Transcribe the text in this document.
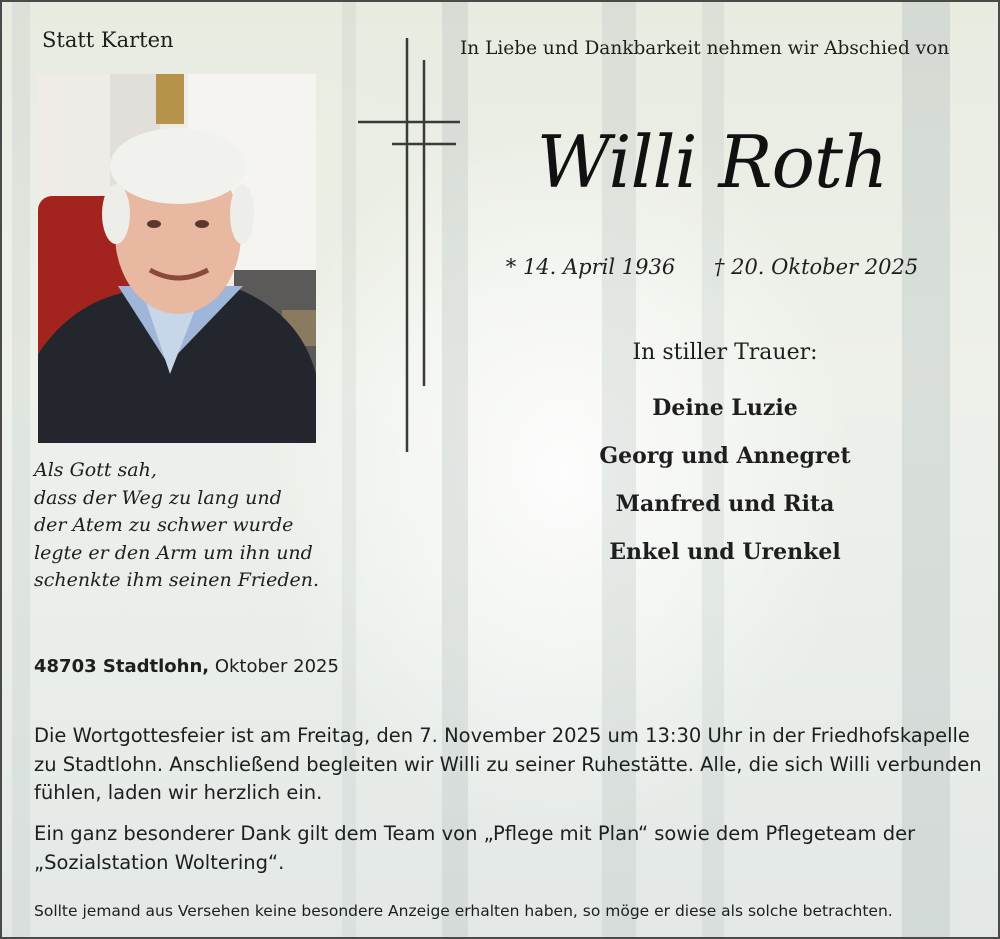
Statt Karten	In Liebe und Dankbarkeit nehmen wir Abschied von
Willi Roth
* 14. April 1936 † 20. Oktober 2025
In stiller Trauer:
Deine Luzie
Georg und Annegret
Manfred und Rita
Enkel und Urenkel
Als Gott sah,
dass der Weg zu lang und
der Atem zu schwer wurde
legte er den Arm um ihn und
schenkte ihm seinen Frieden.
48703 Stadtlohn, Oktober 2025
Die Wortgottesfeier ist am Freitag, den 7. November 2025 um 13:30 Uhr in der Friedhofskapelle zu Stadtlohn. Anschließend begleiten wir Willi zu seiner Ruhestätte. Alle, die sich Willi verbunden fühlen, laden wir herzlich ein.
Ein ganz besonderer Dank gilt dem Team von „Pflege mit Plan“ sowie dem Pflegeteam der „Sozialstation Woltering“.
Sollte jemand aus Versehen keine besondere Anzeige erhalten haben, so möge er diese als solche betrachten.
